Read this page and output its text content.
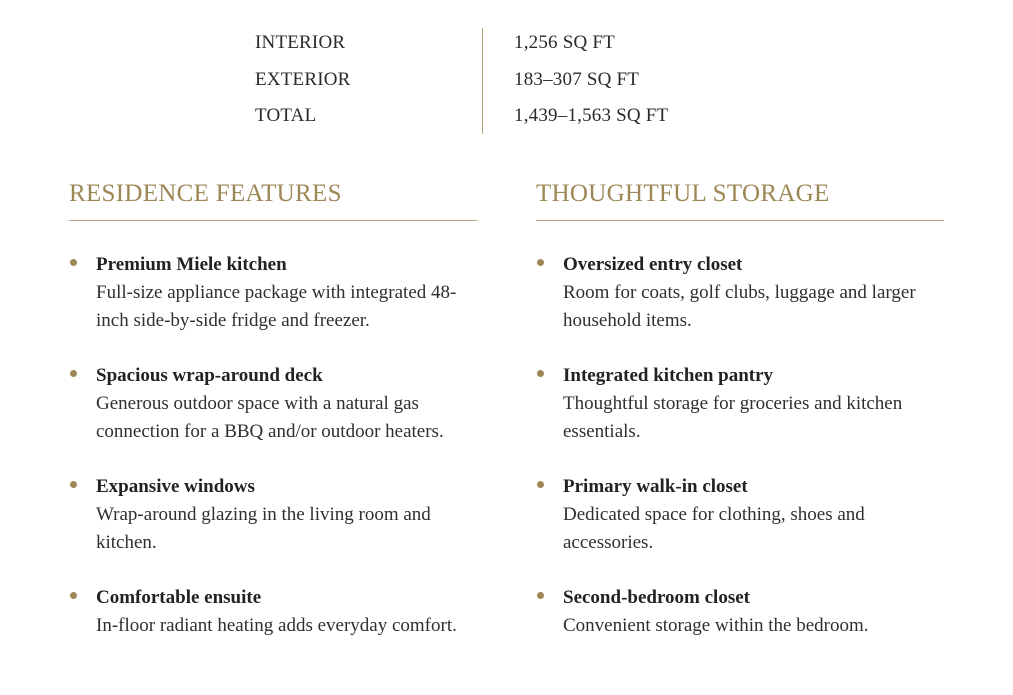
INTERIOR
EXTERIOR
TOTAL
1,256 SQ FT
183–307 SQ FT
1,439–1,563 SQ FT
RESIDENCE FEATURES
Premium Miele kitchen
Full-size appliance package with integrated 48-inch side-by-side fridge and freezer.
Spacious wrap-around deck
Generous outdoor space with a natural gas connection for a BBQ and/or outdoor heaters.
Expansive windows
Wrap-around glazing in the living room and kitchen.
Comfortable ensuite
In-floor radiant heating adds everyday comfort.
THOUGHTFUL STORAGE
Oversized entry closet
Room for coats, golf clubs, luggage and larger household items.
Integrated kitchen pantry
Thoughtful storage for groceries and kitchen essentials.
Primary walk-in closet
Dedicated space for clothing, shoes and accessories.
Second-bedroom closet
Convenient storage within the bedroom.
